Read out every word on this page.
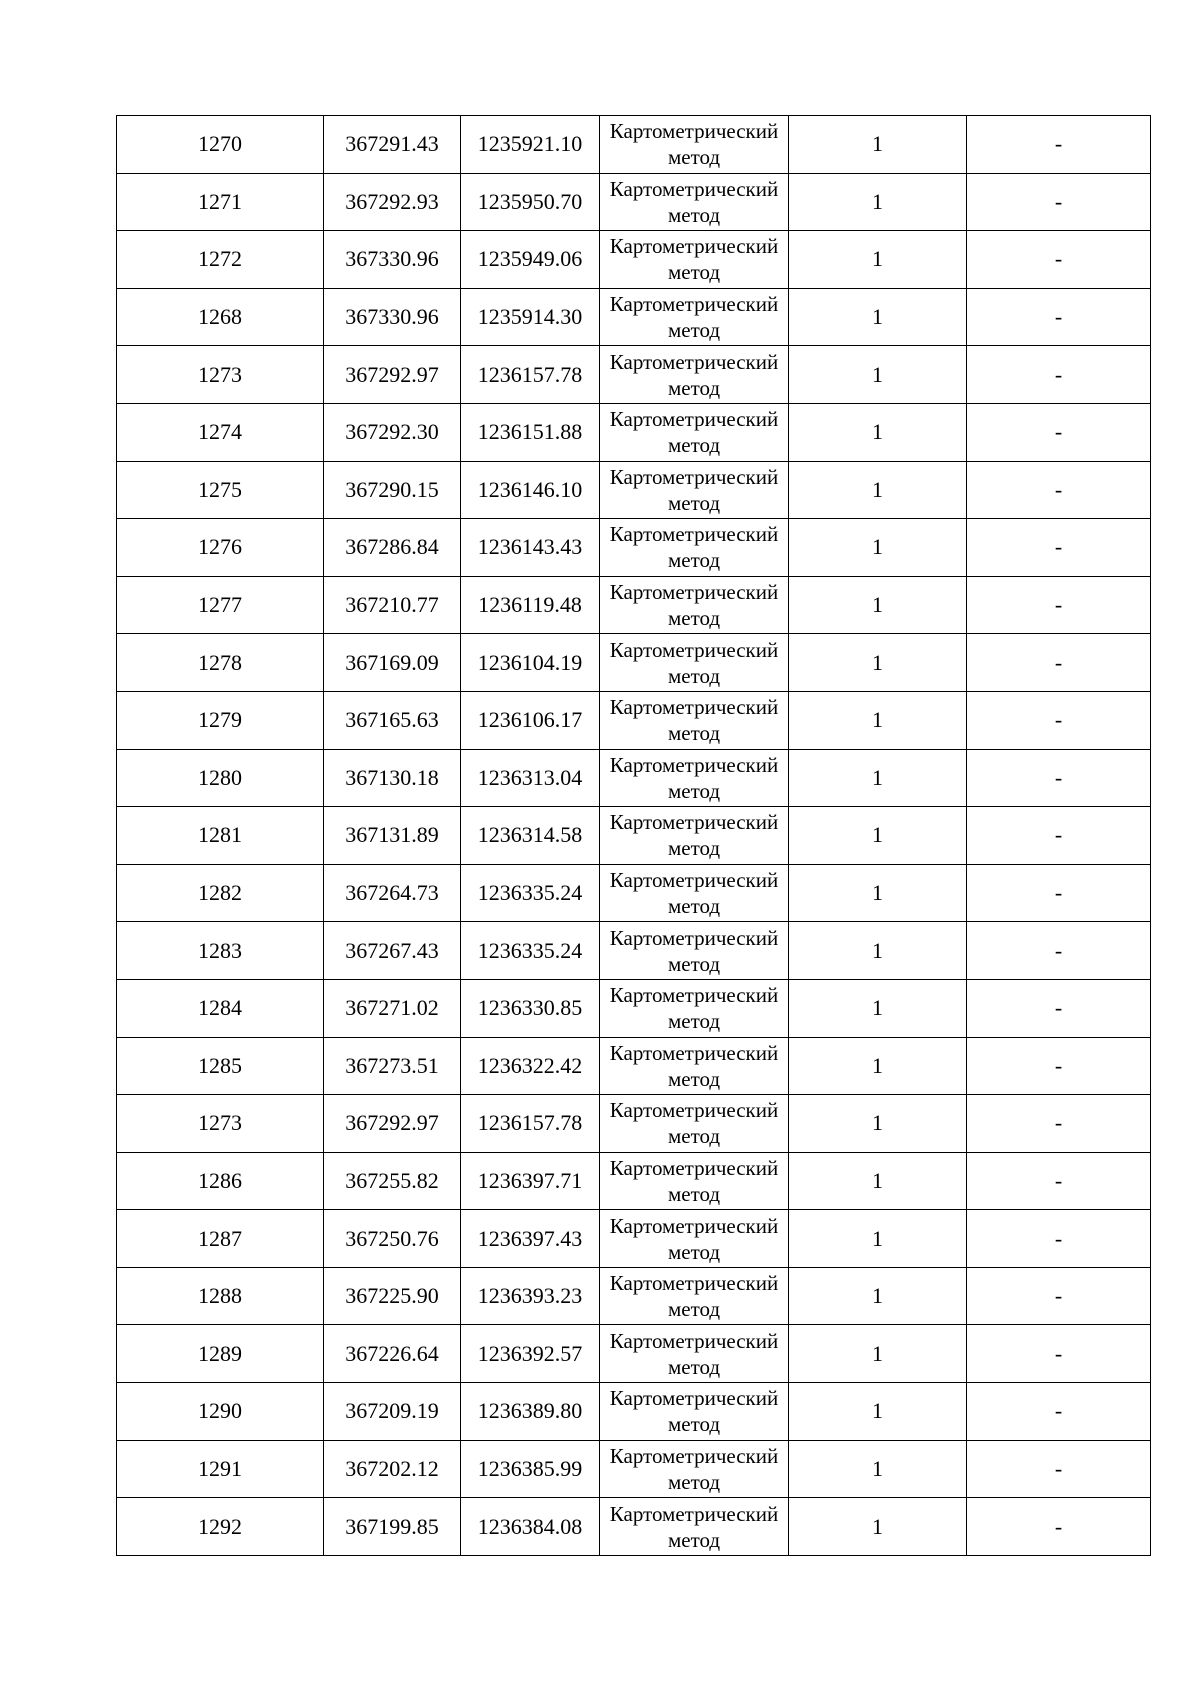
1270	367291.43	1235921.10	Картометрический метод	1	-
1271	367292.93	1235950.70	Картометрический метод	1	-
1272	367330.96	1235949.06	Картометрический метод	1	-
1268	367330.96	1235914.30	Картометрический метод	1	-
1273	367292.97	1236157.78	Картометрический метод	1	-
1274	367292.30	1236151.88	Картометрический метод	1	-
1275	367290.15	1236146.10	Картометрический метод	1	-
1276	367286.84	1236143.43	Картометрический метод	1	-
1277	367210.77	1236119.48	Картометрический метод	1	-
1278	367169.09	1236104.19	Картометрический метод	1	-
1279	367165.63	1236106.17	Картометрический метод	1	-
1280	367130.18	1236313.04	Картометрический метод	1	-
1281	367131.89	1236314.58	Картометрический метод	1	-
1282	367264.73	1236335.24	Картометрический метод	1	-
1283	367267.43	1236335.24	Картометрический метод	1	-
1284	367271.02	1236330.85	Картометрический метод	1	-
1285	367273.51	1236322.42	Картометрический метод	1	-
1273	367292.97	1236157.78	Картометрический метод	1	-
1286	367255.82	1236397.71	Картометрический метод	1	-
1287	367250.76	1236397.43	Картометрический метод	1	-
1288	367225.90	1236393.23	Картометрический метод	1	-
1289	367226.64	1236392.57	Картометрический метод	1	-
1290	367209.19	1236389.80	Картометрический метод	1	-
1291	367202.12	1236385.99	Картометрический метод	1	-
1292	367199.85	1236384.08	Картометрический метод	1	-
